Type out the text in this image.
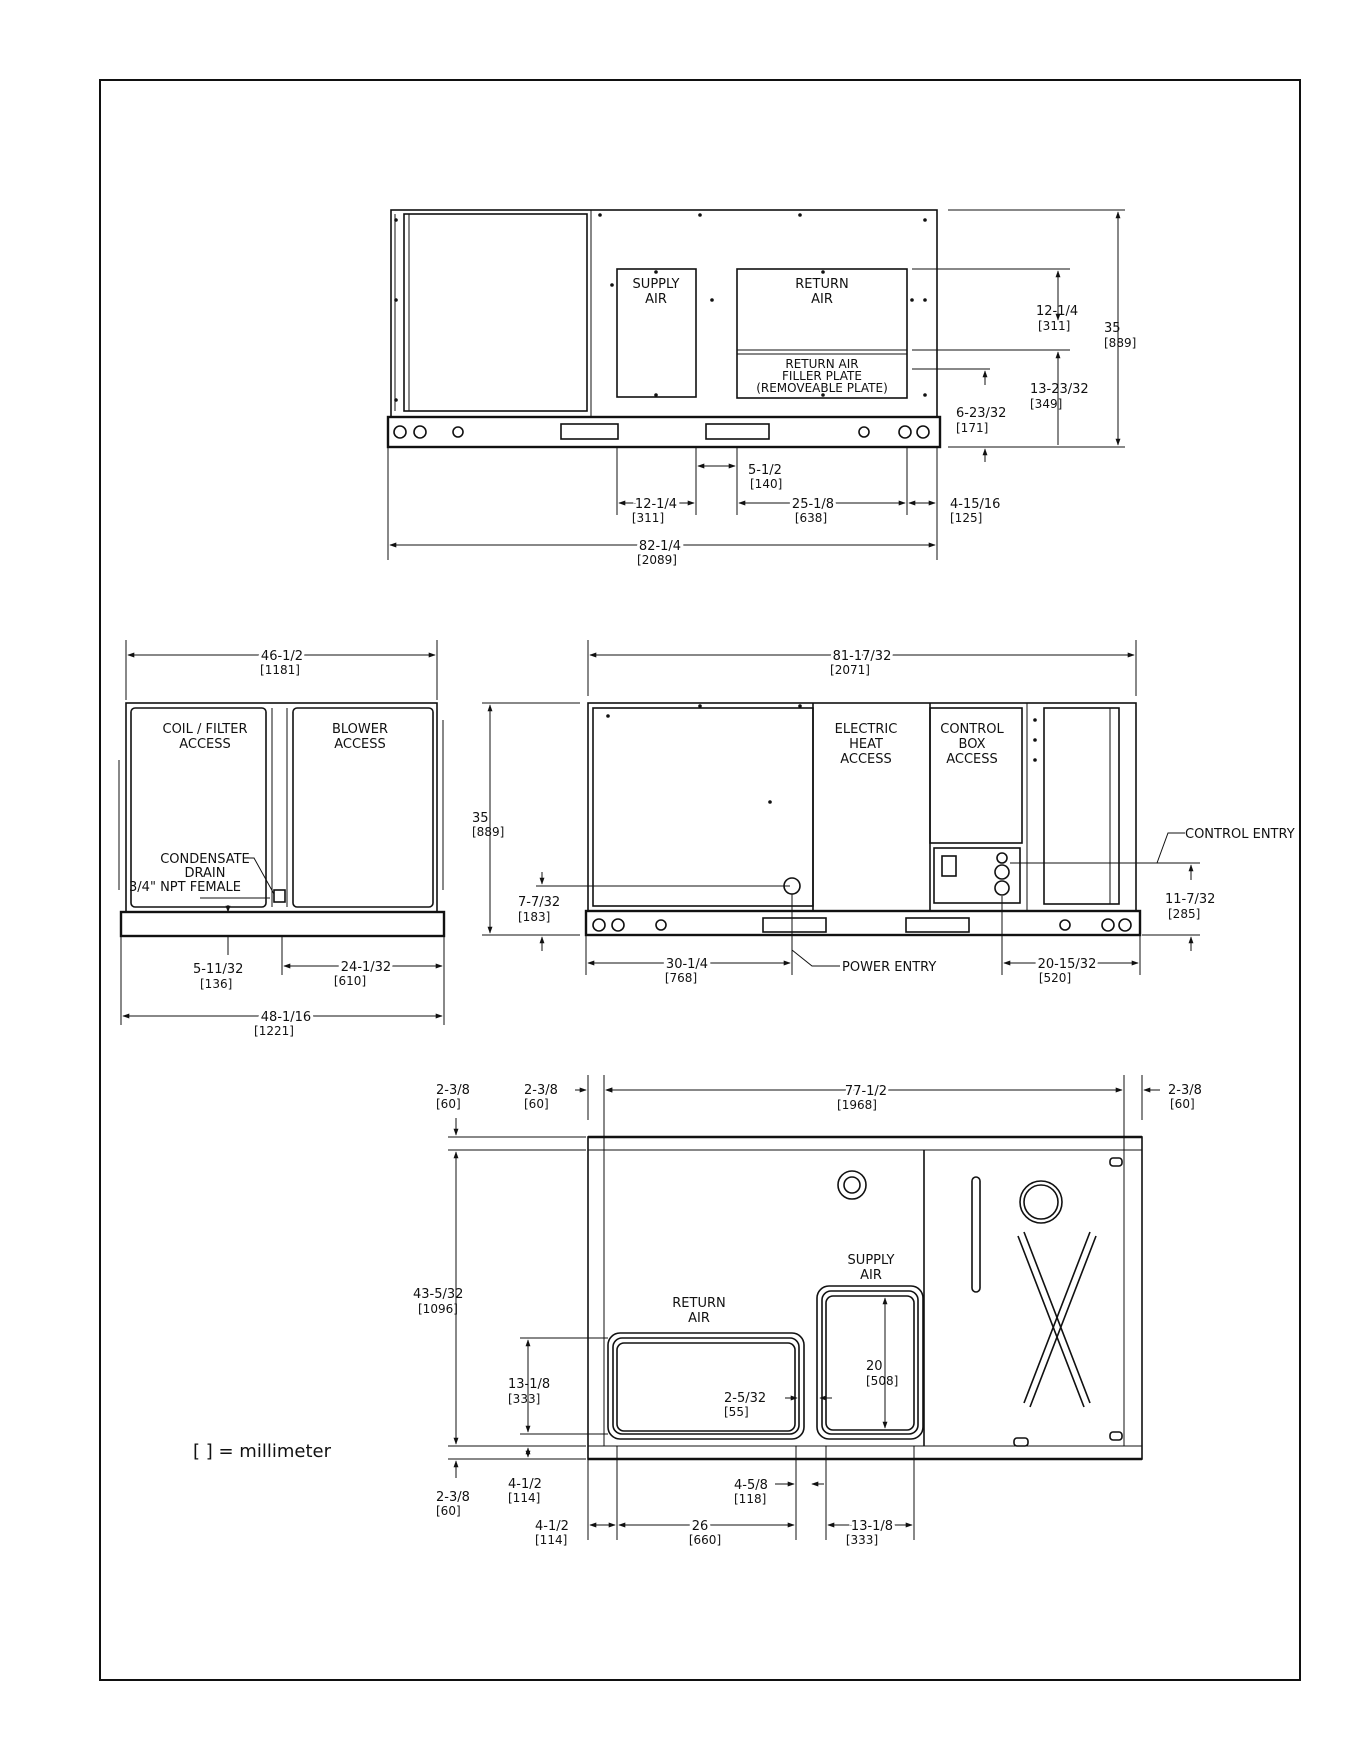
SUPPLY
AIR
RETURN
AIR
RETURN AIR
FILLER PLATE
(REMOVEABLE PLATE)
35
[889]
12-1/4
[311]
13-23/32
[349]
6-23/32
[171]
5-1/2
[140]
12-1/4
[311]
25-1/8
[638]
4-15/16
[125]
82-1/4
[2089]
46-1/2
[1181]
COIL / FILTER
ACCESS
BLOWER
ACCESS
CONDENSATE
DRAIN
3/4" NPT FEMALE
5-11/32
[136]
24-1/32
[610]
48-1/16
[1221]
81-17/32
[2071]
ELECTRIC
HEAT
ACCESS
CONTROL
BOX
ACCESS
35
[889]
7-7/32
[183]
CONTROL ENTRY
11-7/32
[285]
30-1/4
[768]
POWER ENTRY	20-15/32
[520]
SUPPLY
AIR
RETURN
AIR
2-3/8
[60]
77-1/2
[1968]
2-3/8
[60]
2-3/8
[60]
43-5/32
[1096]
2-3/8
[60]
13-1/8
[333]
4-1/2
[114]
20
[508]
2-5/32
[55]
4-5/8
[118]
4-1/2
[114]
26
[660]
13-1/8
[333]
[ ] = millimeter
